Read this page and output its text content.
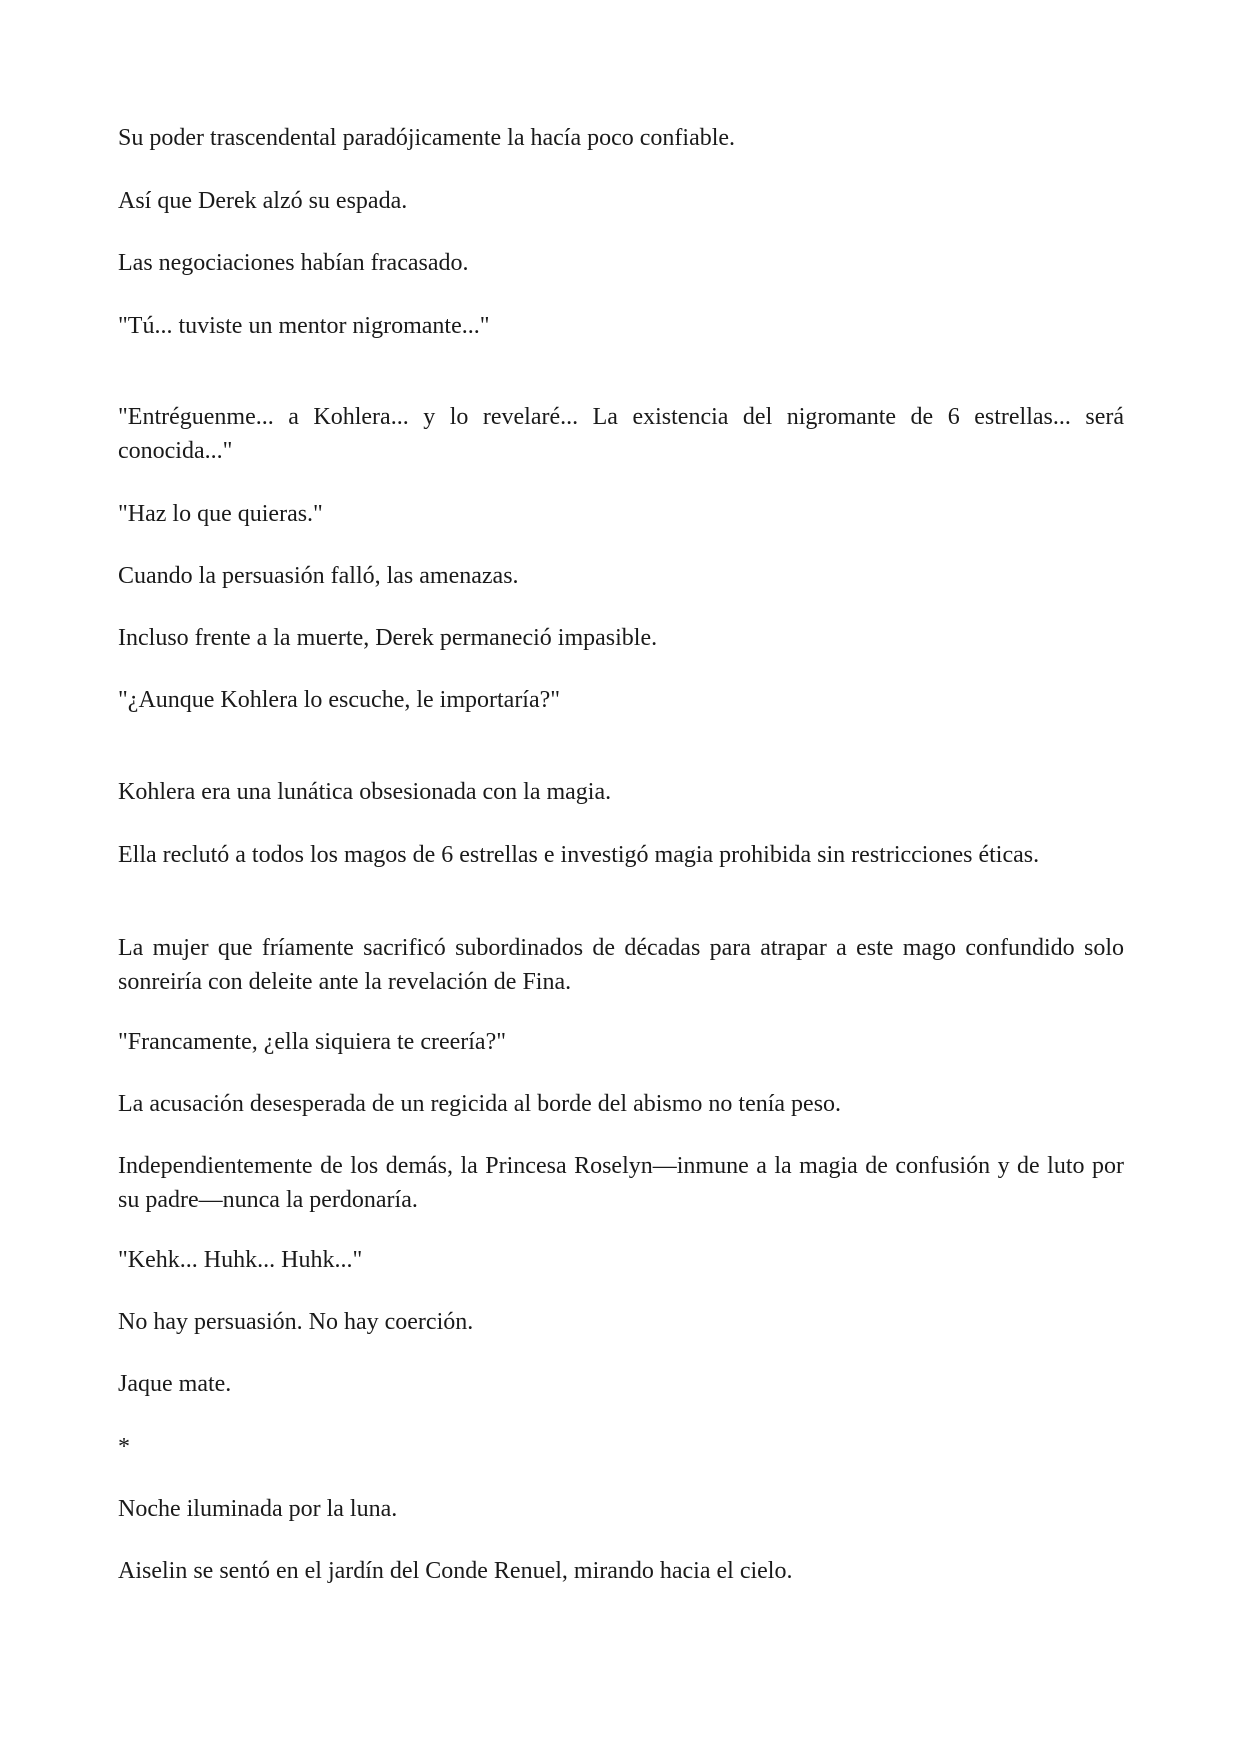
Su poder trascendental paradójicamente la hacía poco confiable.

Así que Derek alzó su espada.

Las negociaciones habían fracasado.

"Tú... tuviste un mentor nigromante..."

"Entréguenme... a Kohlera... y lo revelaré... La existencia del nigromante de 6 estrellas... será conocida..."

"Haz lo que quieras."

Cuando la persuasión falló, las amenazas.

Incluso frente a la muerte, Derek permaneció impasible.

"¿Aunque Kohlera lo escuche, le importaría?"

Kohlera era una lunática obsesionada con la magia.

Ella reclutó a todos los magos de 6 estrellas e investigó magia prohibida sin restricciones éticas.

La mujer que fríamente sacrificó subordinados de décadas para atrapar a este mago confundido solo sonreiría con deleite ante la revelación de Fina.

"Francamente, ¿ella siquiera te creería?"

La acusación desesperada de un regicida al borde del abismo no tenía peso.

Independientemente de los demás, la Princesa Roselyn—inmune a la magia de confusión y de luto por su padre—nunca la perdonaría.

"Kehk... Huhk... Huhk..."

No hay persuasión. No hay coerción.

Jaque mate.

*

Noche iluminada por la luna.

Aiselin se sentó en el jardín del Conde Renuel, mirando hacia el cielo.
